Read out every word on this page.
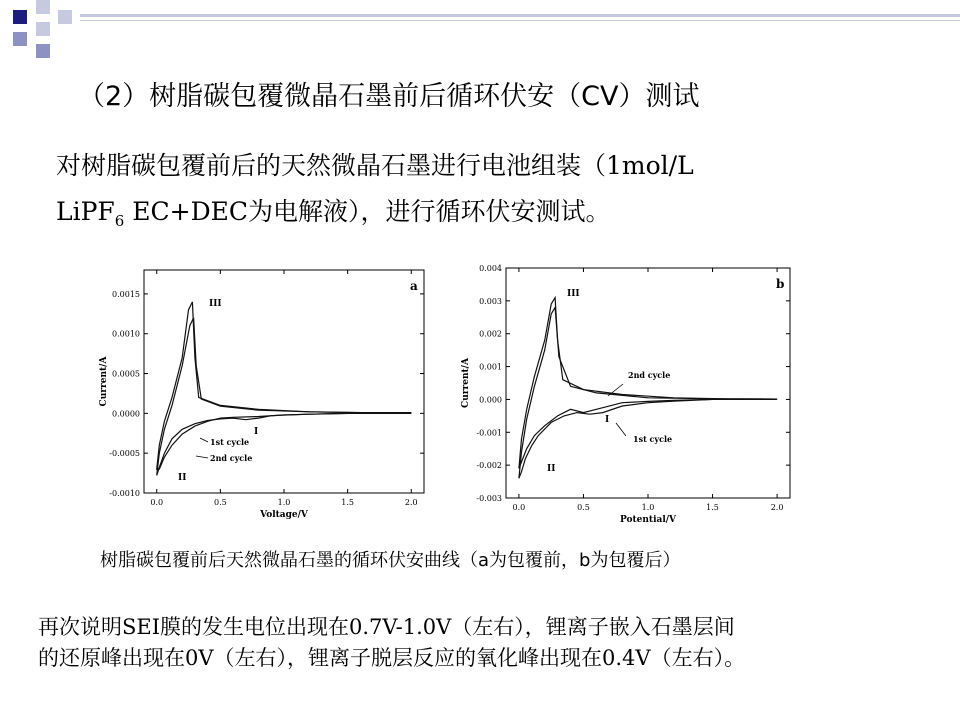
（2）树脂碳包覆微晶石墨前后循环伏安（CV）测试
对树脂碳包覆前后的天然微晶石墨进行电池组装（1mol/L
LiPF$_6$ EC+DEC为电解液），进行循环伏安测试。
0.0	0.5	1.0	1.5	2.0
-0.0010
-0.0005
0.0000
0.0005
0.0010
0.0015
Voltage/V
Current/A
a
III
II
I
1st cycle
2nd cycle
0.0	0.5	1.0	1.5	2.0
-0.003
-0.002
-0.001
0.000
0.001
0.002
0.003
0.004
Potential/V
Current/A
b
III
II
I
1st cycle
2nd cycle
树脂碳包覆前后天然微晶石墨的循环伏安曲线（a为包覆前，b为包覆后）
再次说明SEI膜的发生电位出现在0.7V-1.0V（左右），锂离子嵌入石墨层间
的还原峰出现在0V（左右），锂离子脱层反应的氧化峰出现在0.4V（左右）。
